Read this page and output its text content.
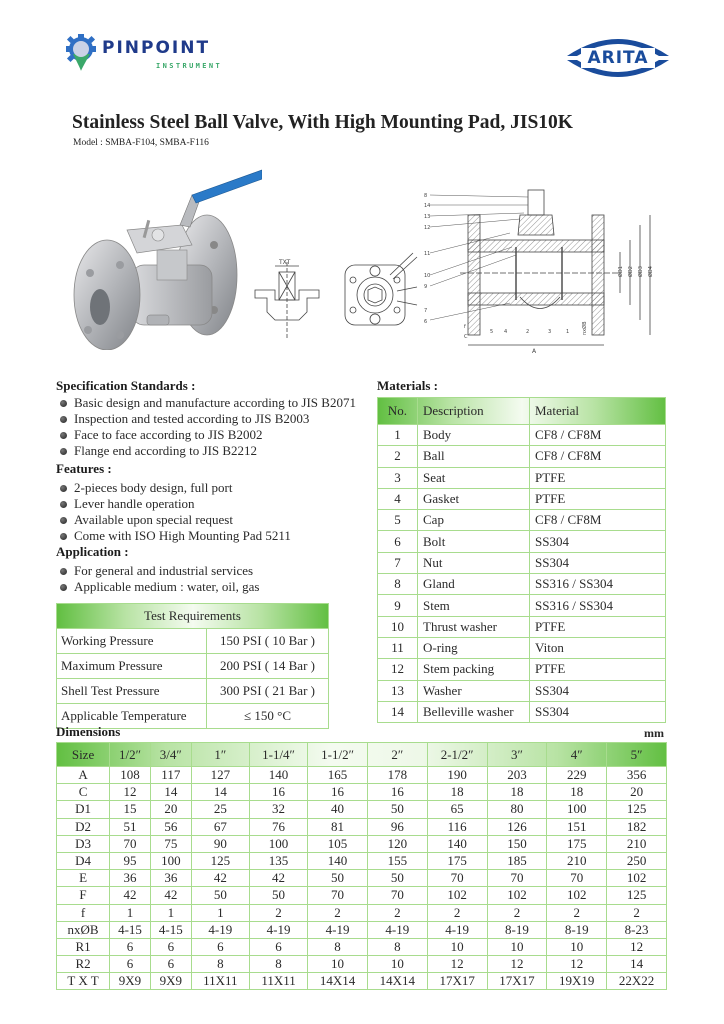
PINPOINT
INSTRUMENT	ARITA
Stainless Steel Ball Valve, With High Mounting Pad, JIS10K
Model : SMBA-F104, SMBA-F116
TXT
A
ØD1 ØD2 ØD3 ØD4
8
14
13
12
11
10
9
7
6
5 4	2	3	1
f
C
nxØB
Specification Standards :
Basic design and manufacture according to JIS B2071
Inspection and tested according to JIS B2003
Face to face according to JIS B2002
Flange end according to JIS B2212
Features :
2-pieces body design, full port
Lever handle operation
Available upon special request
Come with ISO High Mounting Pad 5211
Application :
For general and industrial services
Applicable medium : water, oil, gas
Test Requirements	
Working Pressure	150 PSI ( 10 Bar )
Maximum Pressure	200 PSI ( 14 Bar )
Shell Test Pressure	300 PSI ( 21 Bar )
Applicable Temperature	≤ 150 °C
Materials :
No.	Description	Material
1	Body	CF8 / CF8M
2	Ball	CF8 / CF8M
3	Seat	PTFE
4	Gasket	PTFE
5	Cap	CF8 / CF8M
6	Bolt	SS304
7	Nut	SS304
8	Gland	SS316 / SS304
9	Stem	SS316 / SS304
10	Thrust washer	PTFE
11	O-ring	Viton
12	Stem packing	PTFE
13	Washer	SS304
14	Belleville washer	SS304
Dimensions	mm
Size	1/2″	3/4″	1″	1-1/4″	1-1/2″	2″	2-1/2″	3″	4″	5″
A	108	117	127	140	165	178	190	203	229	356
C	12	14	14	16	16	16	18	18	18	20
D1	15	20	25	32	40	50	65	80	100	125
D2	51	56	67	76	81	96	116	126	151	182
D3	70	75	90	100	105	120	140	150	175	210
D4	95	100	125	135	140	155	175	185	210	250
E	36	36	42	42	50	50	70	70	70	102
F	42	42	50	50	70	70	102	102	102	125
f	1	1	1	2	2	2	2	2	2	2
nxØB	4-15	4-15	4-19	4-19	4-19	4-19	4-19	8-19	8-19	8-23
R1	6	6	6	6	8	8	10	10	10	12
R2	6	6	8	8	10	10	12	12	12	14
T X T	9X9	9X9	11X11	11X11	14X14	14X14	17X17	17X17	19X19	22X22
